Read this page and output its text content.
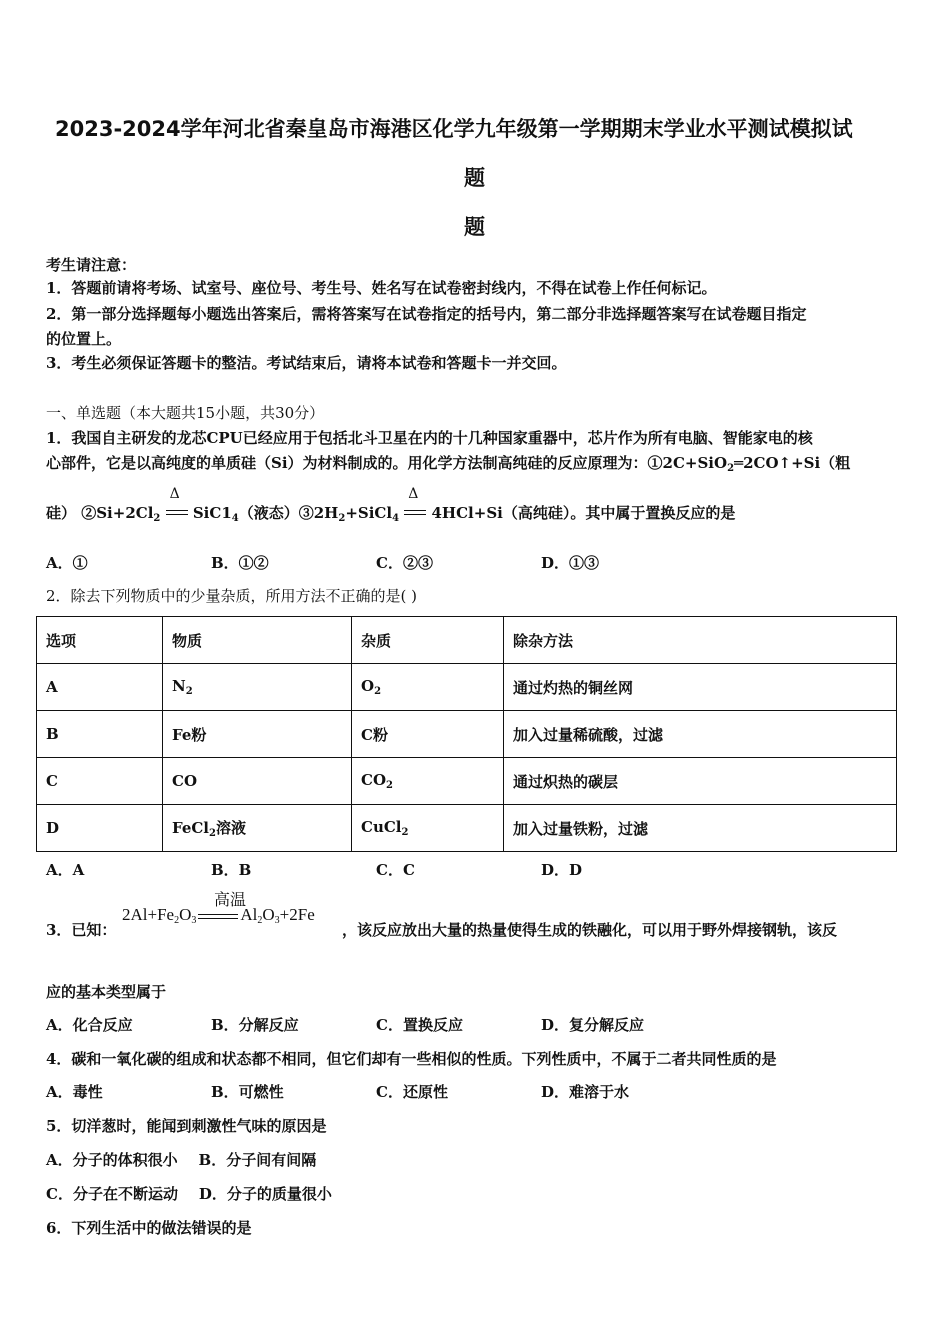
2023-2024学年河北省秦皇岛市海港区化学九年级第一学期期末学业水平测试模拟试
题
题
考生请注意：
1．答题前请将考场、试室号、座位号、考生号、姓名写在试卷密封线内，不得在试卷上作任何标记。
2．第一部分选择题每小题选出答案后，需将答案写在试卷指定的括号内，第二部分非选择题答案写在试卷题目指定
的位置上。
3．考生必须保证答题卡的整洁。考试结束后，请将本试卷和答题卡一并交回。
一、单选题（本大题共15小题，共30分）
1．我国自主研发的龙芯CPU已经应用于包括北斗卫星在内的十几种国家重器中，芯片作为所有电脑、智能家电的核
心部件，它是以高纯度的单质硅（Si）为材料制成的。用化学方法制高纯硅的反应原理为：①2C+SiO$_2$═2CO↑+Si（粗
硅） $②Si+2Cl_2$
Δ
$SiC1_4$（液态）$③2H_2+SiCl_4$
Δ
4HCl+Si（高纯硅）。其中属于置换反应的是
A．①	B．①②	C．②③	D．①③
2．除去下列物质中的少量杂质，所用方法不正确的是( )
选项	物质	杂质	除杂方法
A	$N_2$	$O_2$	通过灼热的铜丝网
B	Fe粉	C粉	加入过量稀硫酸，过滤
C	CO	$CO_2$	通过炽热的碳层
D	FeCl$_2$溶液	CuCl$_2$	加入过量铁粉，过滤
A．A	B．B	C．C	D．D
3．已知：
高温
$2Al+Fe_2O_3$	$Al_2O_3+2Fe$
，该反应放出大量的热量使得生成的铁融化，可以用于野外焊接钢轨，该反
应的基本类型属于
A．化合反应	B．分解反应	C．置换反应	D．复分解反应
4．碳和一氧化碳的组成和状态都不相同，但它们却有一些相似的性质。下列性质中，不属于二者共同性质的是
A．毒性	B．可燃性	C．还原性	D．难溶于水
5．切洋葱时，能闻到刺激性气味的原因是
A．分子的体积很小    B．分子间有间隔
C．分子在不断运动    D．分子的质量很小
6．下列生活中的做法错误的是
